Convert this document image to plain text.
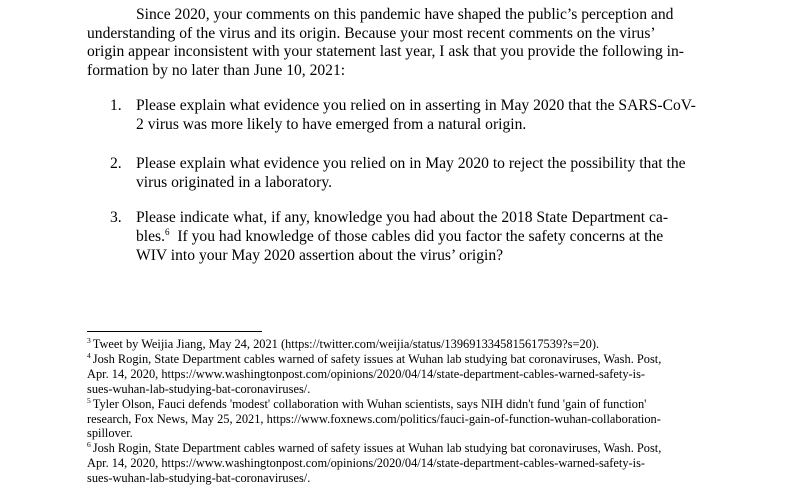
Since 2020, your comments on this pandemic have shaped the public’s perception and
understanding of the virus and its origin. Because your most recent comments on the virus’
origin appear inconsistent with your statement last year, I ask that you provide the following in-
formation by no later than June 10, 2021:

1. Please explain what evidence you relied on in asserting in May 2020 that the SARS-CoV-
2 virus was more likely to have emerged from a natural origin.
2. Please explain what evidence you relied on in May 2020 to reject the possibility that the
virus originated in a laboratory.
3. Please indicate what, if any, knowledge you had about the 2018 State Department ca-
bles.$^6$  If you had knowledge of those cables did you factor the safety concerns at the
WIV into your May 2020 assertion about the virus’ origin?
$^3$ Tweet by Weijia Jiang, May 24, 2021 (https://twitter.com/weijia/status/1396913345815617539?s=20).
$^4$ Josh Rogin, State Department cables warned of safety issues at Wuhan lab studying bat coronaviruses, Wash. Post,
Apr. 14, 2020, https://www.washingtonpost.com/opinions/2020/04/14/state-department-cables-warned-safety-is-
sues-wuhan-lab-studying-bat-coronaviruses/.
$^5$ Tyler Olson, Fauci defends 'modest' collaboration with Wuhan scientists, says NIH didn't fund 'gain of function'
research, Fox News, May 25, 2021, https://www.foxnews.com/politics/fauci-gain-of-function-wuhan-collaboration-
spillover.
$^6$ Josh Rogin, State Department cables warned of safety issues at Wuhan lab studying bat coronaviruses, Wash. Post,
Apr. 14, 2020, https://www.washingtonpost.com/opinions/2020/04/14/state-department-cables-warned-safety-is-
sues-wuhan-lab-studying-bat-coronaviruses/.
